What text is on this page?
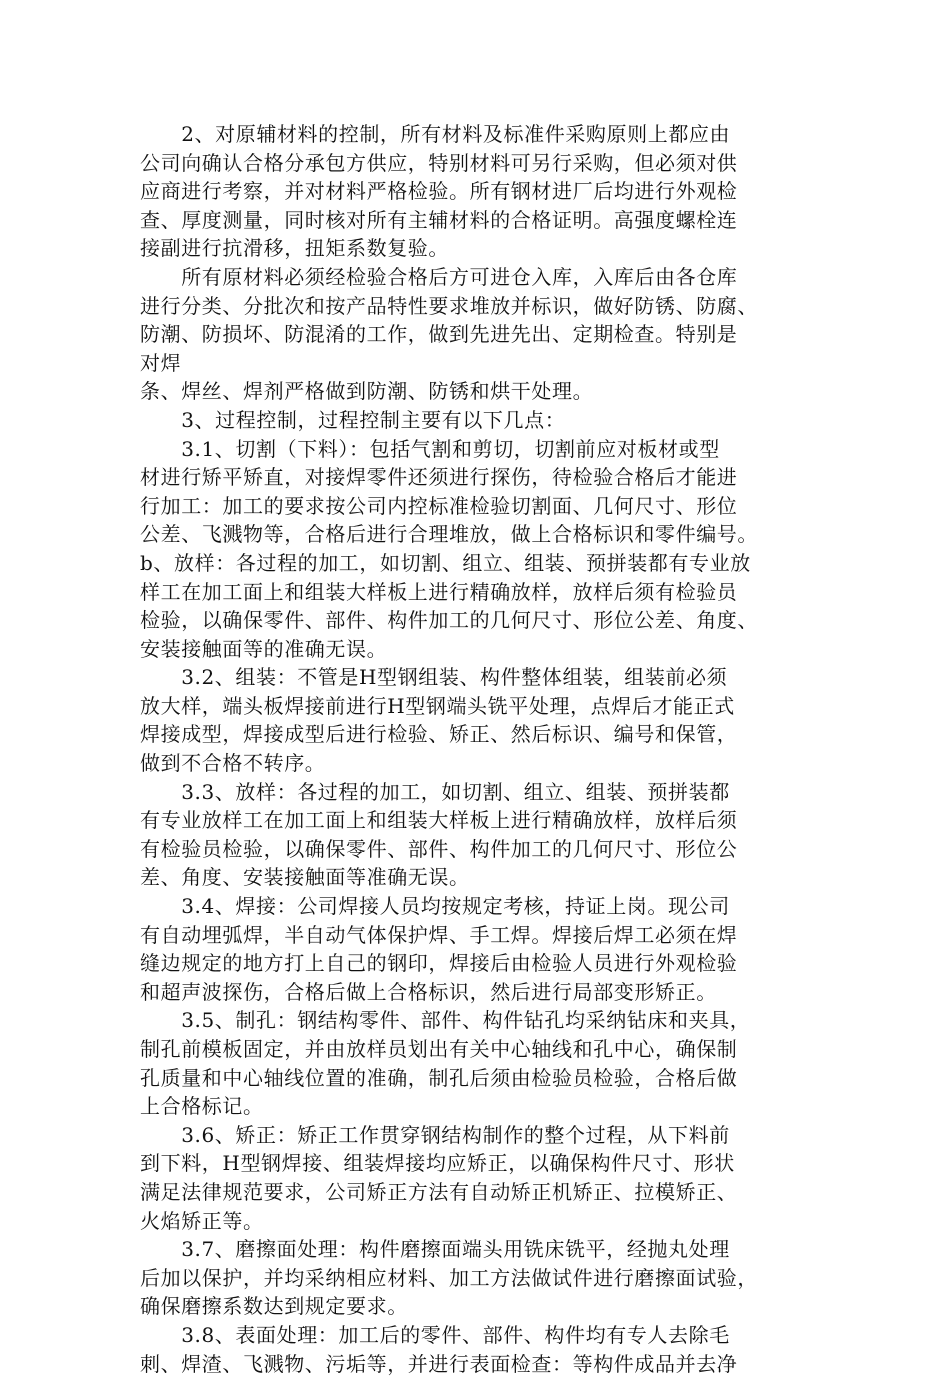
　　2、对原辅材料的控制，所有材料及标准件采购原则上都应由
公司向确认合格分承包方供应，特别材料可另行采购，但必须对供
应商进行考察，并对材料严格检验。所有钢材进厂后均进行外观检
查、厚度测量，同时核对所有主辅材料的合格证明。高强度螺栓连
接副进行抗滑移，扭矩系数复验。
　　所有原材料必须经检验合格后方可进仓入库，入库后由各仓库
进行分类、分批次和按产品特性要求堆放并标识，做好防锈、防腐、
防潮、防损坏、防混淆的工作，做到先进先出、定期检查。特别是
对焊
条、焊丝、焊剂严格做到防潮、防锈和烘干处理。
　　3、过程控制，过程控制主要有以下几点：
　　3.1、切割（下料）：包括气割和剪切，切割前应对板材或型
材进行矫平矫直，对接焊零件还须进行探伤，待检验合格后才能进
行加工：加工的要求按公司内控标准检验切割面、几何尺寸、形位
公差、飞溅物等，合格后进行合理堆放，做上合格标识和零件编号。
b、放样：各过程的加工，如切割、组立、组装、预拼装都有专业放
样工在加工面上和组装大样板上进行精确放样，放样后须有检验员
检验，以确保零件、部件、构件加工的几何尺寸、形位公差、角度、
安装接触面等的准确无误。
　　3.2、组装：不管是H型钢组装、构件整体组装，组装前必须
放大样，端头板焊接前进行H型钢端头铣平处理，点焊后才能正式
焊接成型，焊接成型后进行检验、矫正、然后标识、编号和保管，
做到不合格不转序。
　　3.3、放样：各过程的加工，如切割、组立、组装、预拼装都
有专业放样工在加工面上和组装大样板上进行精确放样，放样后须
有检验员检验，以确保零件、部件、构件加工的几何尺寸、形位公
差、角度、安装接触面等准确无误。
　　3.4、焊接：公司焊接人员均按规定考核，持证上岗。现公司
有自动埋弧焊，半自动气体保护焊、手工焊。焊接后焊工必须在焊
缝边规定的地方打上自己的钢印，焊接后由检验人员进行外观检验
和超声波探伤，合格后做上合格标识，然后进行局部变形矫正。
　　3.5、制孔：钢结构零件、部件、构件钻孔均采纳钻床和夹具，
制孔前模板固定，并由放样员划出有关中心轴线和孔中心，确保制
孔质量和中心轴线位置的准确，制孔后须由检验员检验，合格后做
上合格标记。
　　3.6、矫正：矫正工作贯穿钢结构制作的整个过程，从下料前
到下料，H型钢焊接、组装焊接均应矫正，以确保构件尺寸、形状
满足法律规范要求，公司矫正方法有自动矫正机矫正、拉模矫正、
火焰矫正等。
　　3.7、磨擦面处理：构件磨擦面端头用铣床铣平，经抛丸处理
后加以保护，并均采纳相应材料、加工方法做试件进行磨擦面试验，
确保磨擦系数达到规定要求。
　　3.8、表面处理：加工后的零件、部件、构件均有专人去除毛
刺、焊渣、飞溅物、污垢等，并进行表面检查：等构件成品并去净
